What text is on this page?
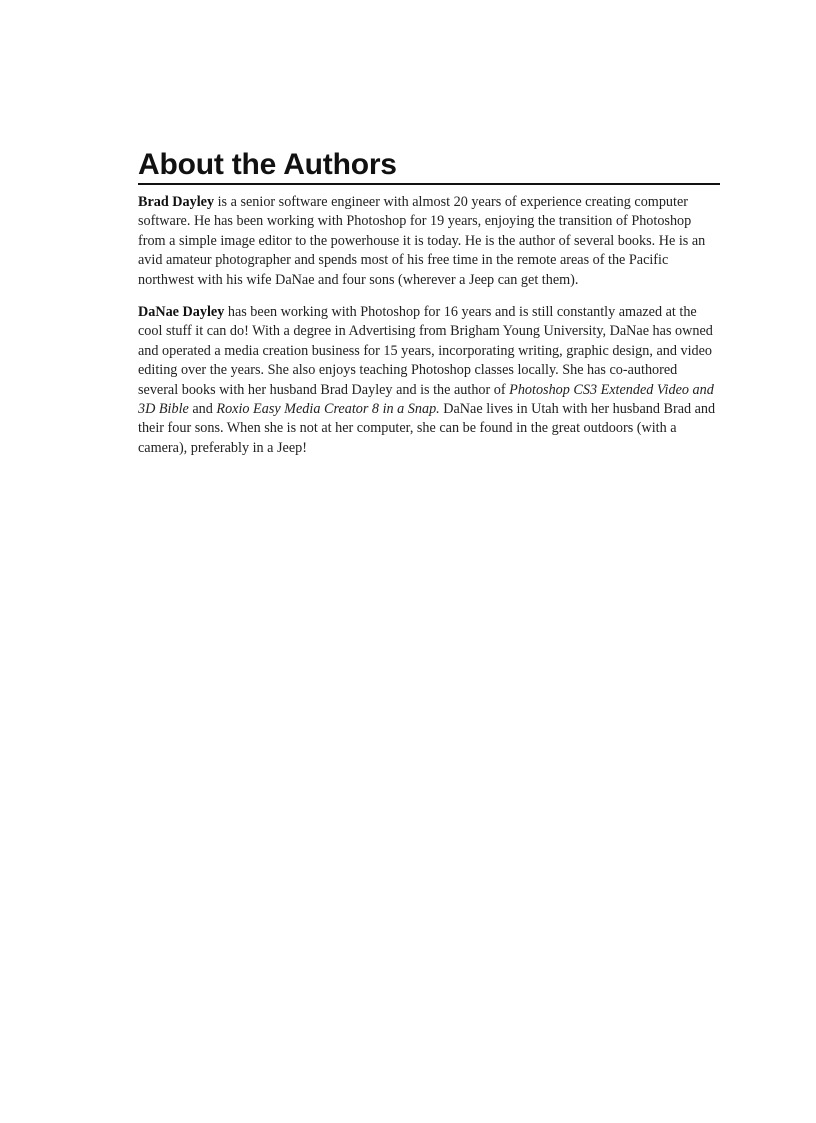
About the Authors

Brad Dayley is a senior software engineer with almost 20 years of experience creating computer software. He has been working with Photoshop for 19 years, enjoying the transition of Photoshop from a simple image editor to the powerhouse it is today. He is the author of several books. He is an avid amateur photographer and spends most of his free time in the remote areas of the Pacific northwest with his wife DaNae and four sons (wherever a Jeep can get them).

DaNae Dayley has been working with Photoshop for 16 years and is still constantly amazed at the cool stuff it can do! With a degree in Advertising from Brigham Young University, DaNae has owned and operated a media creation business for 15 years, incorporating writing, graphic design, and video editing over the years. She also enjoys teaching Photoshop classes locally. She has co-authored several books with her husband Brad Dayley and is the author of Photoshop CS3 Extended Video and 3D Bible and Roxio Easy Media Creator 8 in a Snap. DaNae lives in Utah with her husband Brad and their four sons. When she is not at her computer, she can be found in the great outdoors (with a camera), preferably in a Jeep!
